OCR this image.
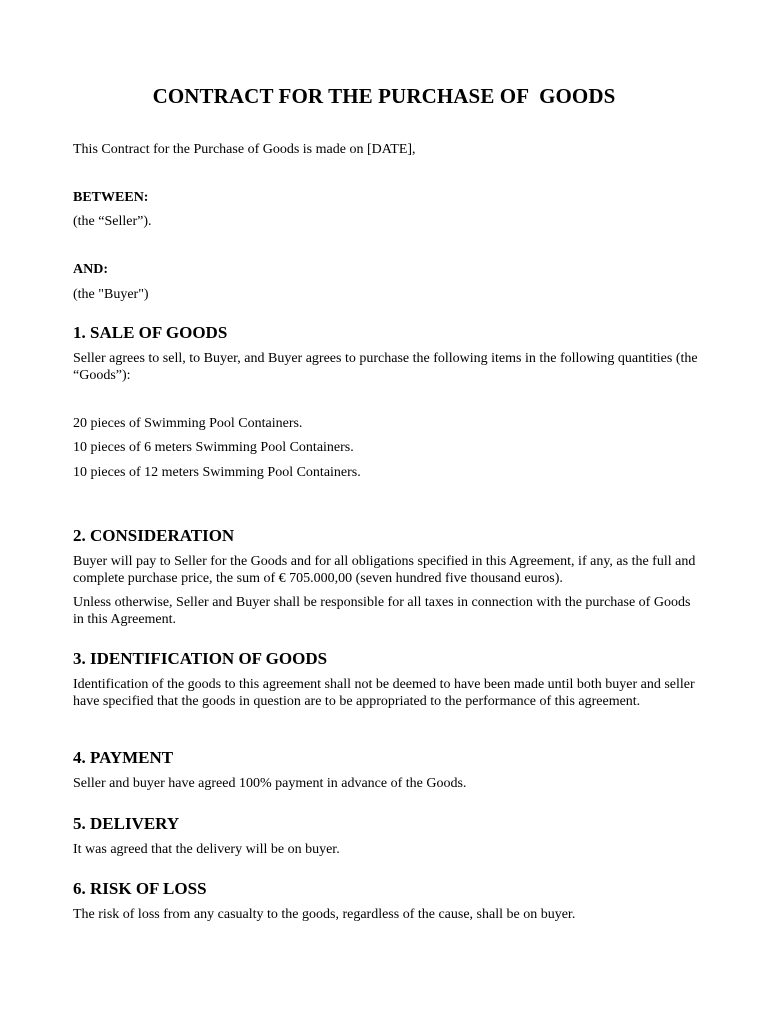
CONTRACT FOR THE PURCHASE OF  GOODS
This Contract for the Purchase of Goods is made on [DATE],
BETWEEN:
(the “Seller”).
AND:
(the "Buyer")
1. SALE OF GOODS
Seller agrees to sell, to Buyer, and Buyer agrees to purchase the following items in the following quantities (the “Goods”):
20 pieces of Swimming Pool Containers.
10 pieces of 6 meters Swimming Pool Containers.
10 pieces of 12 meters Swimming Pool Containers.
2. CONSIDERATION
Buyer will pay to Seller for the Goods and for all obligations specified in this Agreement, if any, as the full and complete purchase price, the sum of € 705.000,00 (seven hundred five thousand euros).
Unless otherwise, Seller and Buyer shall be responsible for all taxes in connection with the purchase of Goods in this Agreement.
3. IDENTIFICATION OF GOODS
Identification of the goods to this agreement shall not be deemed to have been made until both buyer and seller have specified that the goods in question are to be appropriated to the performance of this agreement.
4. PAYMENT
Seller and buyer have agreed 100% payment in advance of the Goods.
5. DELIVERY
It was agreed that the delivery will be on buyer.
6. RISK OF LOSS
The risk of loss from any casualty to the goods, regardless of the cause, shall be on buyer.
